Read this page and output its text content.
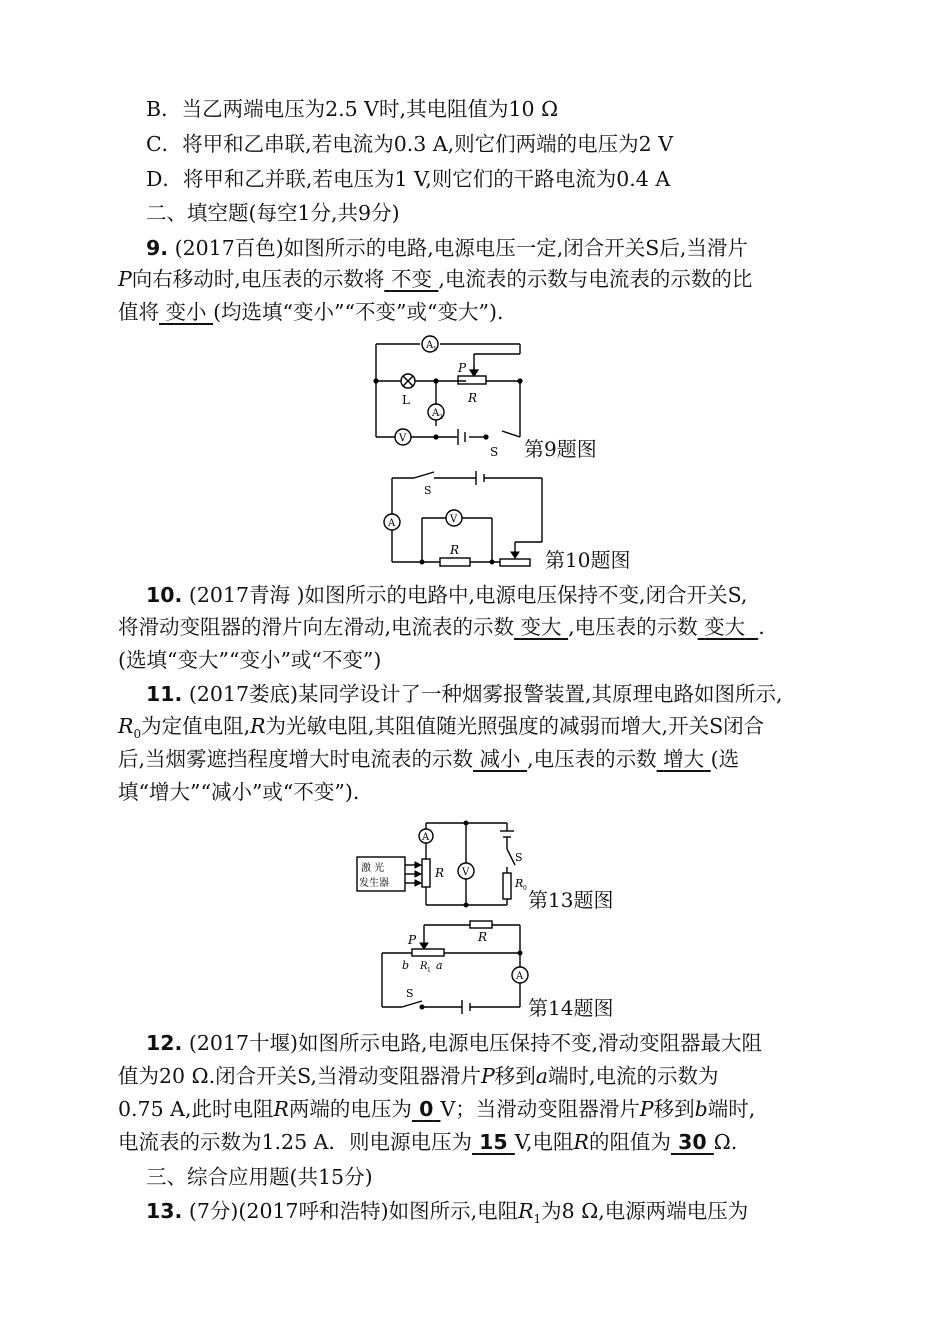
B．当乙两端电压为2.5 V时,其电阻值为10 Ω
C．将甲和乙串联,若电流为0.3 A,则它们两端的电压为2 V
D．将甲和乙并联,若电压为1 V,则它们的干路电流为0.4 A
二、填空题(每空1分,共9分)
9. (2017百色)如图所示的电路,电源电压一定,闭合开关S后,当滑片
P向右移动时,电压表的示数将 不变 ,电流表的示数与电流表的示数的比
值将 变小 (均选填“变小”“不变”或“变大”).
A 1
A 2
V
L
P
R
S 第9题图
S
A	V
R	第10题图
10. (2017青海 )如图所示的电路中,电源电压保持不变,闭合开关S,
将滑动变阻器的滑片向左滑动,电流表的示数 变大 ,电压表的示数 变大 .
(选填“变大”“变小”或“不变”)
11. (2017娄底)某同学设计了一种烟雾报警装置,其原理电路如图所示,
$R_0$为定值电阻,R为光敏电阻,其阻值随光照强度的减弱而增大,开关S闭合
后,当烟雾遮挡程度增大时电流表的示数 减小 ,电压表的示数 增大 (选
填“增大”“减小”或“不变”).
激 光
发生器
A
V
R
S
R 0 第13题图
P
b R 1 a
R
S
A
第14题图
12. (2017十堰)如图所示电路,电源电压保持不变,滑动变阻器最大阻
值为20 Ω.闭合开关S,当滑动变阻器滑片P移到a端时,电流的示数为
0.75 A,此时电阻R两端的电压为 0 V；当滑动变阻器滑片P移到b端时,
电流表的示数为1.25 A．则电源电压为 15 V,电阻R的阻值为 30 Ω.
三、综合应用题(共15分)
13. (7分)(2017呼和浩特)如图所示,电阻$R_1$为8 Ω,电源两端电压为
